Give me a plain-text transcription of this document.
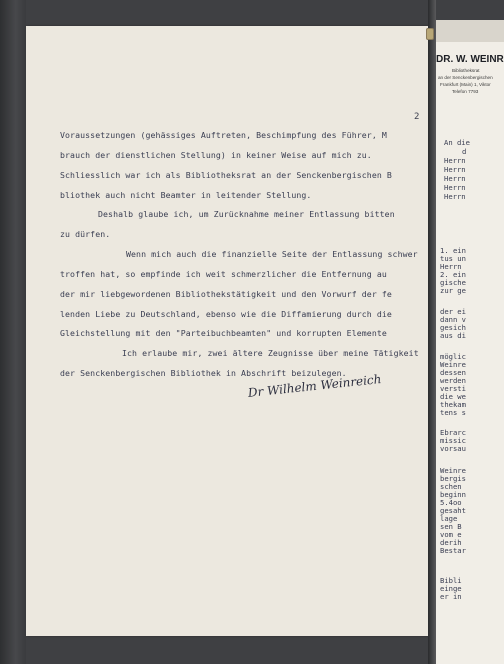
2
Voraussetzungen (gehässiges Auftreten, Beschimpfung des Führer, M
brauch der dienstlichen Stellung) in keiner Weise auf mich zu.
Schliesslich war ich als Bibliotheksrat an der Senckenbergischen B
bliothek auch nicht Beamter in leitender Stellung.
Deshalb glaube ich, um Zurücknahme meiner Entlassung bitten
zu dürfen.
Wenn mich auch die finanzielle Seite der Entlassung schwer
troffen hat, so empfinde ich weit schmerzlicher die Entfernung au
der mir liebgewordenen Bibliothekstätigkeit und den Vorwurf der fe
lenden Liebe zu Deutschland, ebenso wie die Diffamierung durch die
Gleichstellung mit den "Parteibuchbeamten" und korrupten Elemente
Ich erlaube mir, zwei ältere Zeugnisse über meine Tätigkeit
der Senckenbergischen Bibliothek in Abschrift beizulegen.
Dr Wilhelm Weinreich
DR. W. WEINR
Bibliotheksrat
an der Senckenbergischen
Frankfurt (Main) 1, Viktor
Telefon 7793
An die
d
Herrn
Herrn
Herrn
Herrn
Herrn
1. ein
tus un
Herrn
2. ein
gische
zur ge
der ei
dann v
gesich
aus di
möglic
Weinre
dessen
werden
versti
die we
thekam
tens s
Ebrarc
missic
vorsau
Weinre
bergis
schen
beginn
5.4oo
gesaht
lage
sen B
vom e
derih
Bestar
Bibli
einge
er in
